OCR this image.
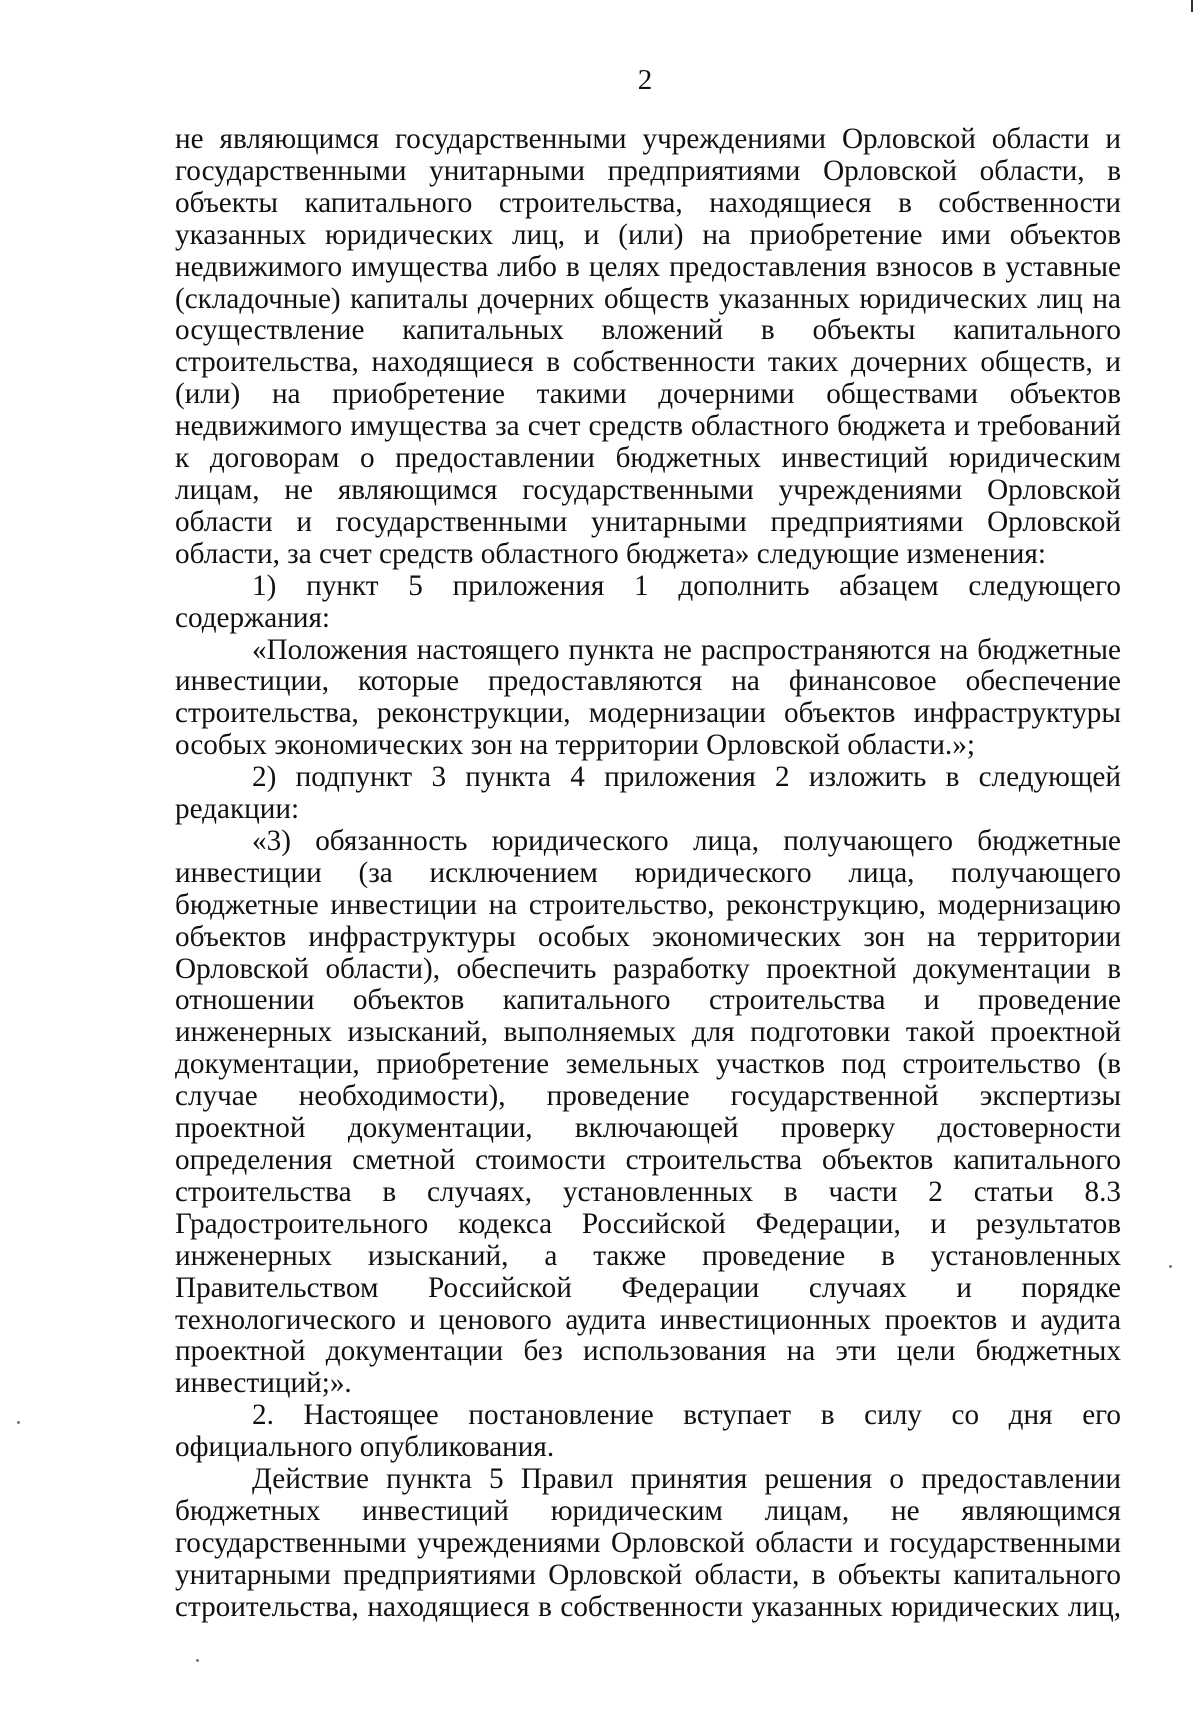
2

не являющимся государственными учреждениями Орловской области и государственными унитарными предприятиями Орловской области, в объекты капитального строительства, находящиеся в собственности указанных юридических лиц, и (или) на приобретение ими объектов недвижимого имущества либо в целях предоставления взносов в уставные (складочные) капиталы дочерних обществ указанных юридических лиц на осуществление капитальных вложений в объекты капитального строительства, находящиеся в собственности таких дочерних обществ, и (или) на приобретение такими дочерними обществами объектов недвижимого имущества за счет средств областного бюджета и требований к договорам о предоставлении бюджетных инвестиций юридическим лицам, не являющимся государственными учреждениями Орловской области и государственными унитарными предприятиями Орловской области, за счет средств областного бюджета» следующие изменения:

1) пункт 5 приложения 1 дополнить абзацем следующего содержания:

«Положения настоящего пункта не распространяются на бюджетные инвестиции, которые предоставляются на финансовое обеспечение строительства, реконструкции, модернизации объектов инфраструктуры особых экономических зон на территории Орловской области.»;

2) подпункт 3 пункта 4 приложения 2 изложить в следующей редакции:

«3) обязанность юридического лица, получающего бюджетные инвестиции (за исключением юридического лица, получающего бюджетные инвестиции на строительство, реконструкцию, модернизацию объектов инфраструктуры особых экономических зон на территории Орловской области), обеспечить разработку проектной документации в отношении объектов капитального строительства и проведение инженерных изысканий, выполняемых для подготовки такой проектной документации, приобретение земельных участков под строительство (в случае необходимости), проведение государственной экспертизы проектной документации, включающей проверку достоверности определения сметной стоимости строительства объектов капитального строительства в случаях, установленных в части 2 статьи 8.3 Градостроительного кодекса Российской Федерации, и результатов инженерных изысканий, а также проведение в установленных Правительством Российской Федерации случаях и порядке технологического и ценового аудита инвестиционных проектов и аудита проектной документации без использования на эти цели бюджетных инвестиций;».

2. Настоящее постановление вступает в силу со дня его официального опубликования.

Действие пункта 5 Правил принятия решения о предоставлении бюджетных инвестиций юридическим лицам, не являющимся государственными учреждениями Орловской области и государственными унитарными предприятиями Орловской области, в объекты капитального строительства, находящиеся в собственности указанных юридических лиц,
